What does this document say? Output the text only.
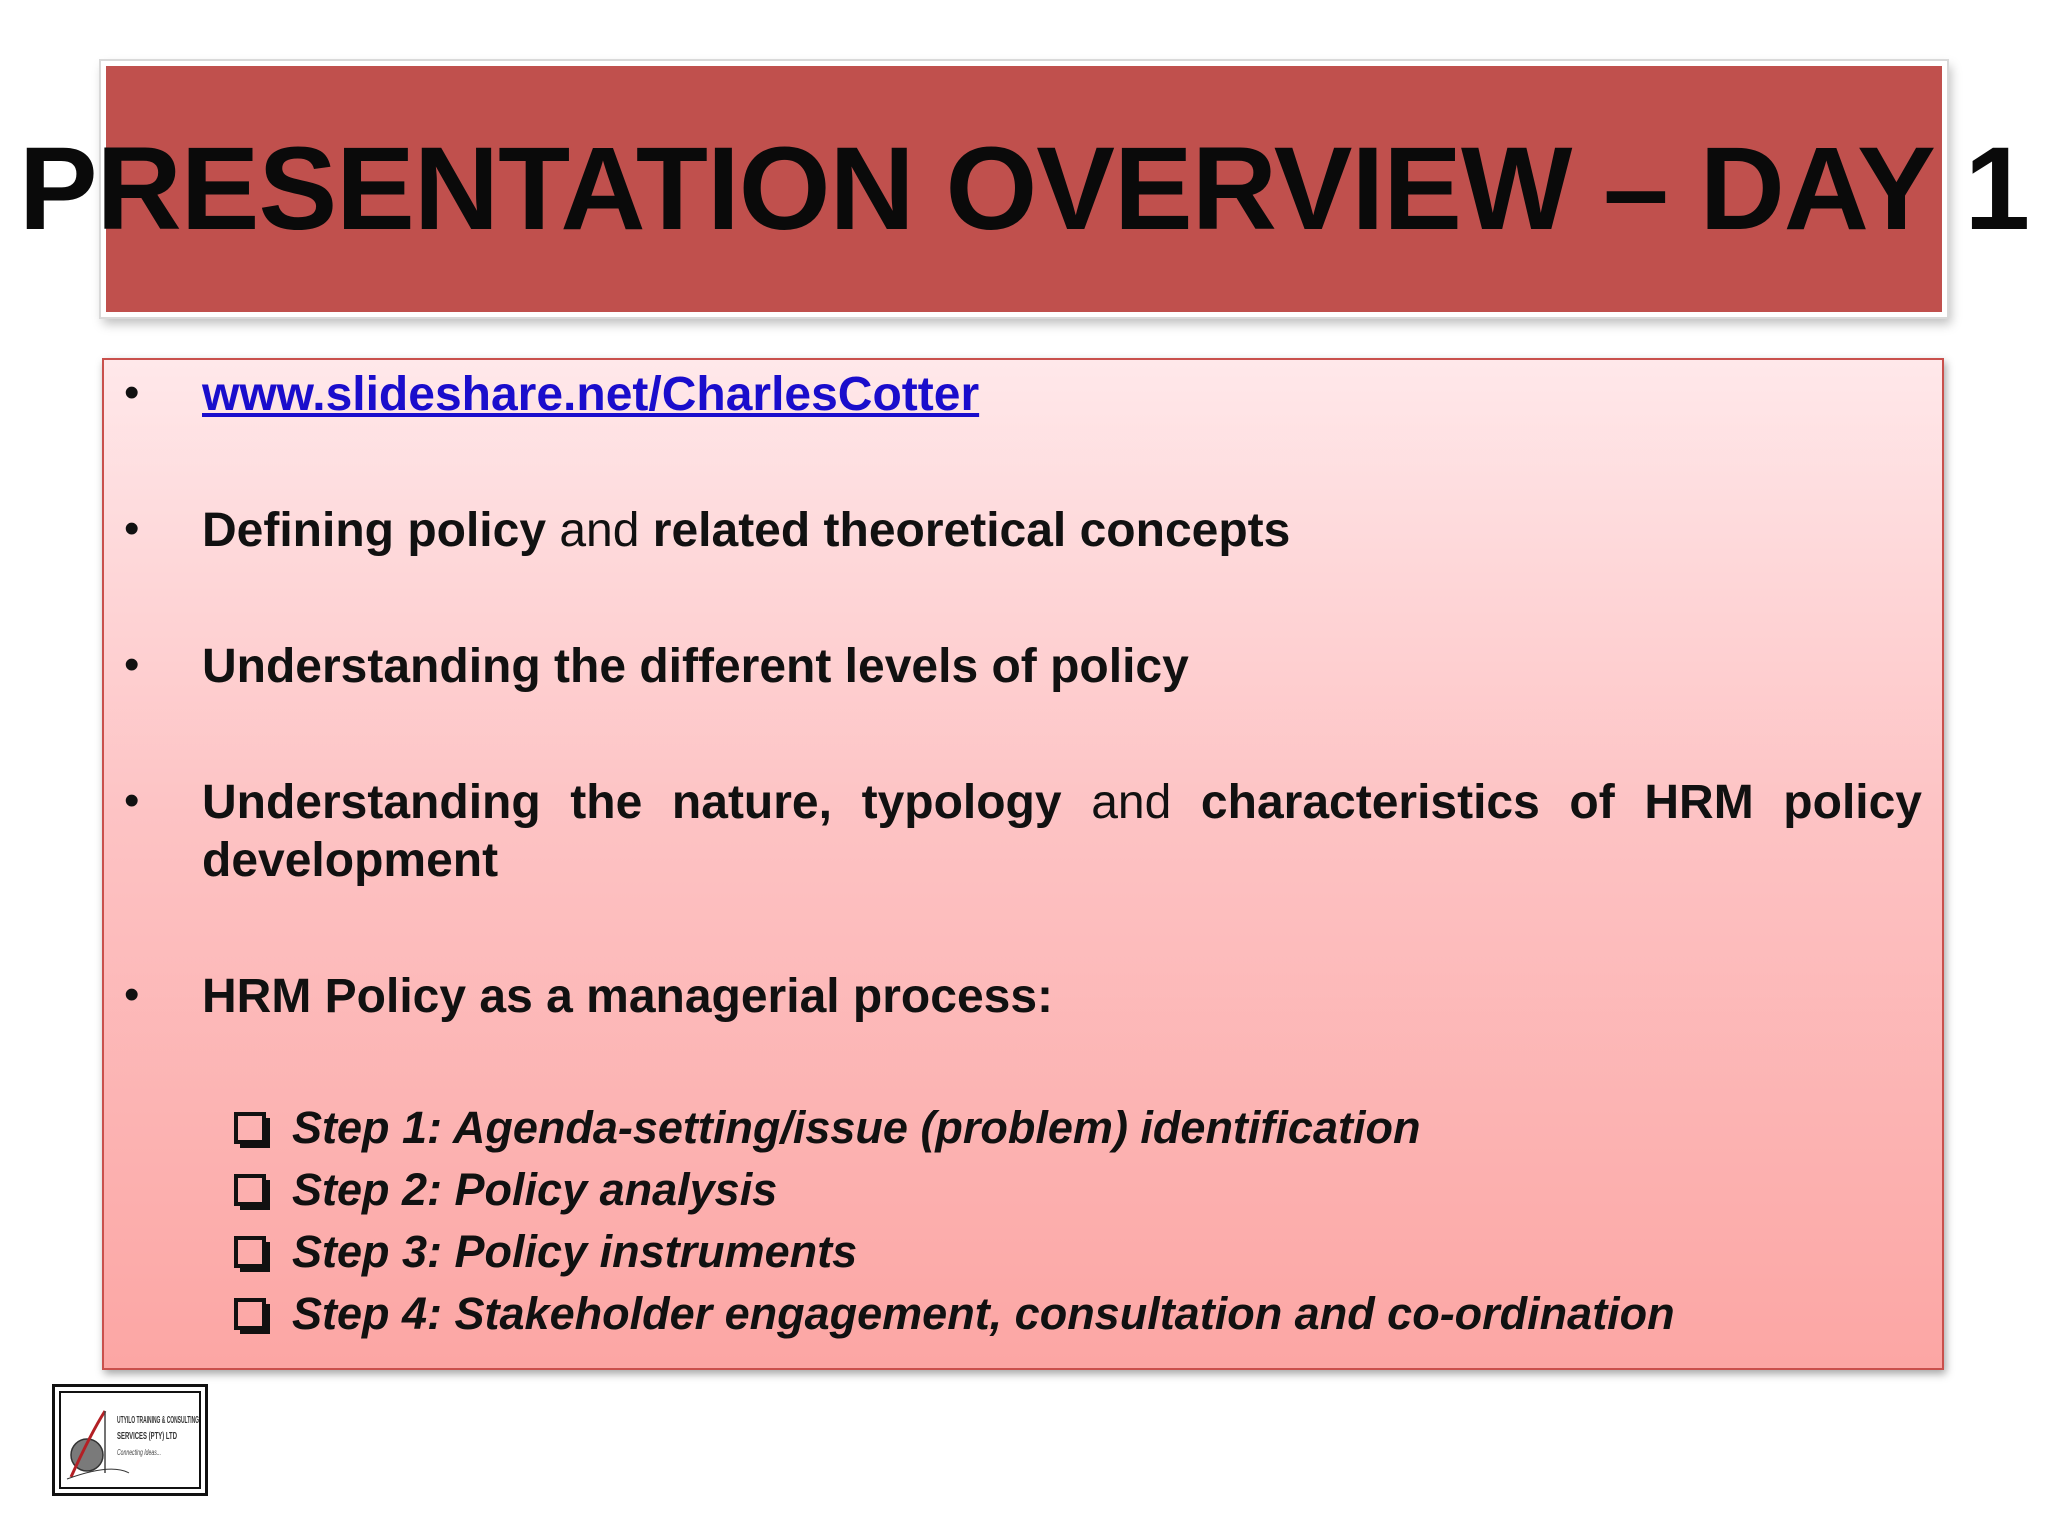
PRESENTATION OVERVIEW – DAY 1
• www.slideshare.net/CharlesCotter
• Defining policy and related theoretical concepts
• Understanding the different levels of policy
• Understanding the nature, typology and characteristics of HRM policy development
• HRM Policy as a managerial process:
Step 1: Agenda-setting/issue (problem) identification
Step 2: Policy analysis
Step 3: Policy instruments
Step 4: Stakeholder engagement, consultation and co-ordination
UTYILO TRAINING & CONSULTING
SERVICES (PTY) LTD
Connecting Ideas...
